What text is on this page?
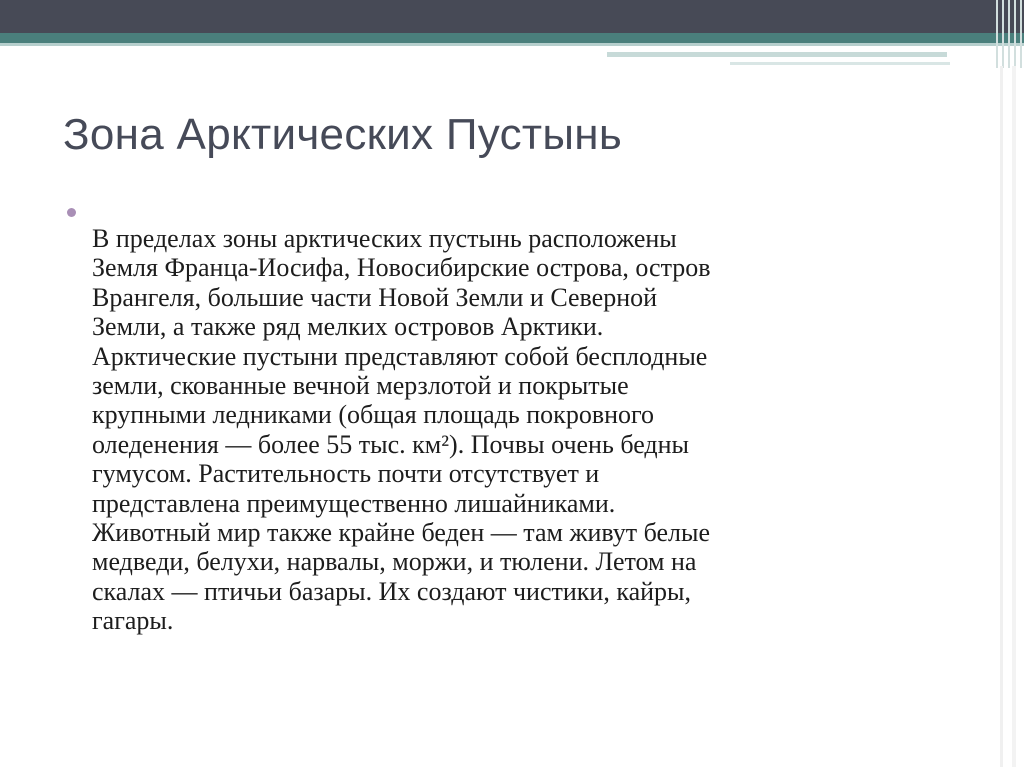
Зона Арктических Пустынь

В пределах зоны арктических пустынь расположены
Земля Франца-Иосифа, Новосибирские острова, остров
Врангеля, большие части Новой Земли и Северной
Земли, а также ряд мелких островов Арктики.
Арктические пустыни представляют собой бесплодные
земли, скованные вечной мерзлотой и покрытые
крупными ледниками (общая площадь покровного
оледенения — более 55 тыс. км²). Почвы очень бедны
гумусом. Растительность почти отсутствует и
представлена преимущественно лишайниками.
Животный мир также крайне беден — там живут белые
медведи, белухи, нарвалы, моржи, и тюлени. Летом на
скалах — птичьи базары. Их создают чистики, кайры,
гагары.
